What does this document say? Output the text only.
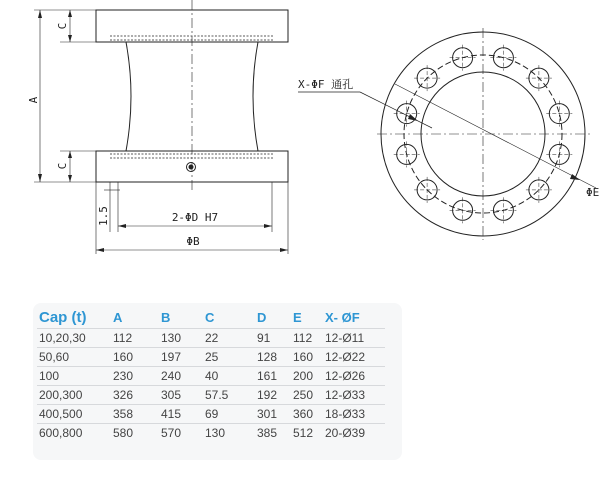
A
C
C
1.5	2-ΦD H7
ΦB
X-ΦF 通孔
ΦE
Cap (t)	A	B	C	D	E	X- ØF
10,20,30	112	130	22	91	112	12-Ø11
50,60	160	197	25	128	160	12-Ø22
100	230	240	40	161	200	12-Ø26
200,300	326	305	57.5	192	250	12-Ø33
400,500	358	415	69	301	360	18-Ø33
600,800	580	570	130	385	512	20-Ø39
